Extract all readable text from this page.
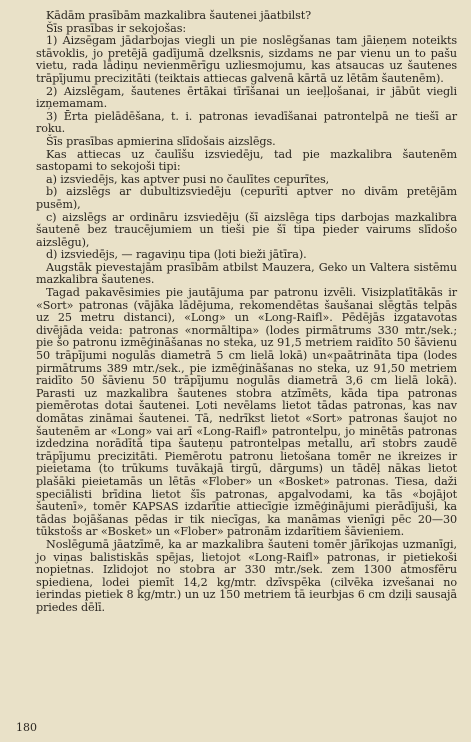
Kādām prasībām mazkalibra šautenei jāatbilst?

Šīs prasības ir sekojošas:

1) Aizsēgam jādarbojas viegli un pie noslēgšanas tam jāieņem noteikts stāvoklis, jo pretējā gadījumā dzelksnis, sizdams ne par vienu un to pašu vietu, rada lādiņu nevienmērīgu uzliesmojumu, kas atsaucas uz šautenes trāpījumu precizitāti (teiktais attiecas galvenā kārtā uz lētām šautenēm).

2) Aizslēgam, šautenes ērtākai tīrīšanai un ieeļļošanai, ir jābūt viegli izņemamam.

3) Ērta pielādēšana, t. i. patronas ievadīšanai patrontelpā ne tiešī ar roku.

Šīs prasības apmierina slīdošais aizslēgs.

Kas attiecas uz čaulīšu izsviedēju, tad pie mazkalibra šautenēm sastopami to sekojoši tipi:

a) izsviedējs, kas aptver pusi no čaulītes cepurītes,

b) aizslēgs ar dubultizsviedēju (cepurīti aptver no divām pretējām pusēm),

c) aizslēgs ar ordināru izsviedēju (šī aizslēga tips darbojas mazkalibra šautenē bez traucējumiem un tieši pie šī tipa pieder vairums slīdošo aizslēgu),

d) izsviedējs, — ragaviņu tipa (ļoti bieži jātīra).

Augstāk pievestajām prasībām atbilst Mauzera, Geko un Valtera sistēmu mazkalibra šautenes.

Tagad pakavēsimies pie jautājuma par patronu izvēli. Visizplatītākās ir «Sort» patronas (vājāka lādējuma, rekomendētas šaušanai slēgtās telpās uz 25 metru distanci), «Long» un «Long-Raifl». Pēdējās izgatavotas divējāda veida: patronas «normāltipa» (lodes pirmātrums 330 mtr./sek.; pie šo patronu izmēģināšanas no steka, uz 91,5 metriem raidīto 50 šāvienu 50 trāpījumi nogulās diametrā 5 cm lielā lokā) un«paātrināta tipa (lodes pirmātrums 389 mtr./sek., pie izmēģināšanas no steka, uz 91,50 metriem raidīto 50 šāvienu 50 trāpījumu nogulās diametrā 3,6 cm lielā lokā). Parasti uz mazkalibra šautenes stobra atzīmēts, kāda tipa patronas piemērotas dotai šautenei. Ļoti nevēlams lietot tādas patronas, kas nav domātas zināmai šautenei. Tā, nedrīkst lietot «Sort» patronas šaujot no šautenēm ar «Long» vai arī «Long-Raifl» patrontelpu, jo minētās patronas izdedzina norādītā tipa šauteņu patrontelpas metallu, arī stobrs zaudē trāpījumu precizitāti. Piemērotu patronu lietošana tomēr ne ikreizes ir pieietama (to trūkums tuvākajā tirgū, dārgums) un tādēļ nākas lietot plašāki pieietamās un lētās «Flober» un «Bosket» patronas. Tiesa, daži speciālisti brīdina lietot šīs patronas, apgalvodami, ka tās «bojājot šautenī», tomēr KAPSAS izdarītie attiecīgie izmēģinājumi pierādījuši, ka tādas bojāšanas pēdas ir tik niecīgas, ka manāmas vienīgi pēc 20—30 tūkstošs ar «Bosket» un «Flober» patronām izdarītiem šāvieniem.

Noslēgumā jāatzīmē, ka ar mazkalibra šauteni tomēr jārīkojas uzmanīgi, jo viņas balistiskās spējas, lietojot «Long-Raifl» patronas, ir pietiekoši nopietnas. Izlidojot no stobra ar 330 mtr./sek. zem 1300 atmosfēru spiediena, lodei piemīt 14,2 kg/mtr. dzīvspēka (cilvēka izvešanai no ierindas pietiek 8 kg/mtr.) un uz 150 metriem tā ieurbjas 6 cm dziļi sausajā priedes dēlī.

180
